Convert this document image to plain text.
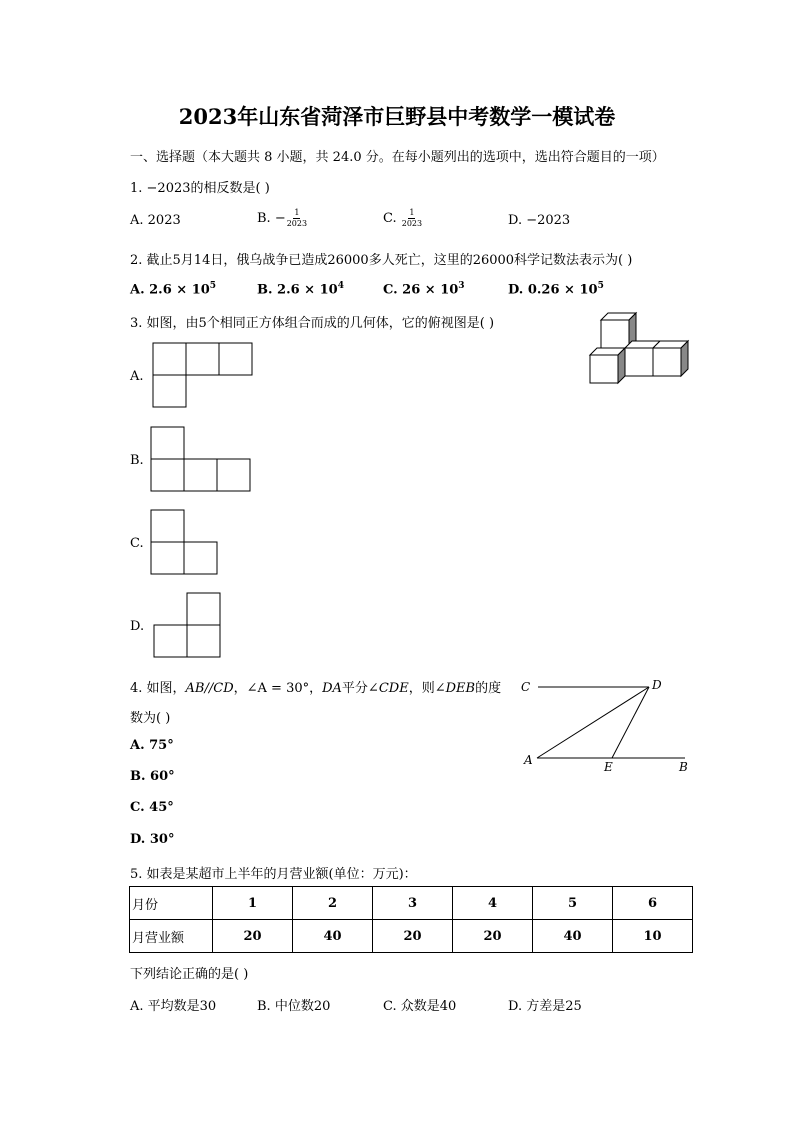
2023年山东省菏泽市巨野县中考数学一模试卷
一、选择题（本大题共 8 小题，共 24.0 分。在每小题列出的选项中，选出符合题目的一项）
1. −2023的相反数是( )
A. 2023	B. − $\frac{1}{2023}$	C. $\frac{1}{2023}$	D. −2023
2. 截止5月14日，俄乌战争已造成26000多人死亡，这里的26000科学记数法表示为( )
A. $2.6 \times 10^5$	B. $2.6 \times 10^4$	C. $26 \times 10^3$	D. $0.26 \times 10^5$
3. 如图，由5个相同正方体组合而成的几何体，它的俯视图是( )
A.
B.
C.
D.
4. 如图，AB//CD，∠A = 30°，DA平分∠CDE，则∠DEB的度
数为( )
A. 75°
B. 60°
C. 45°
D. 30°
C	D
A	E	B
5. 如表是某超市上半年的月营业额(单位：万元)：
月份	1	2	3	4	5	6
月营业额	20	40	20	20	40	10
下列结论正确的是( )
A. 平均数是30	B. 中位数20	C. 众数是40	D. 方差是25
